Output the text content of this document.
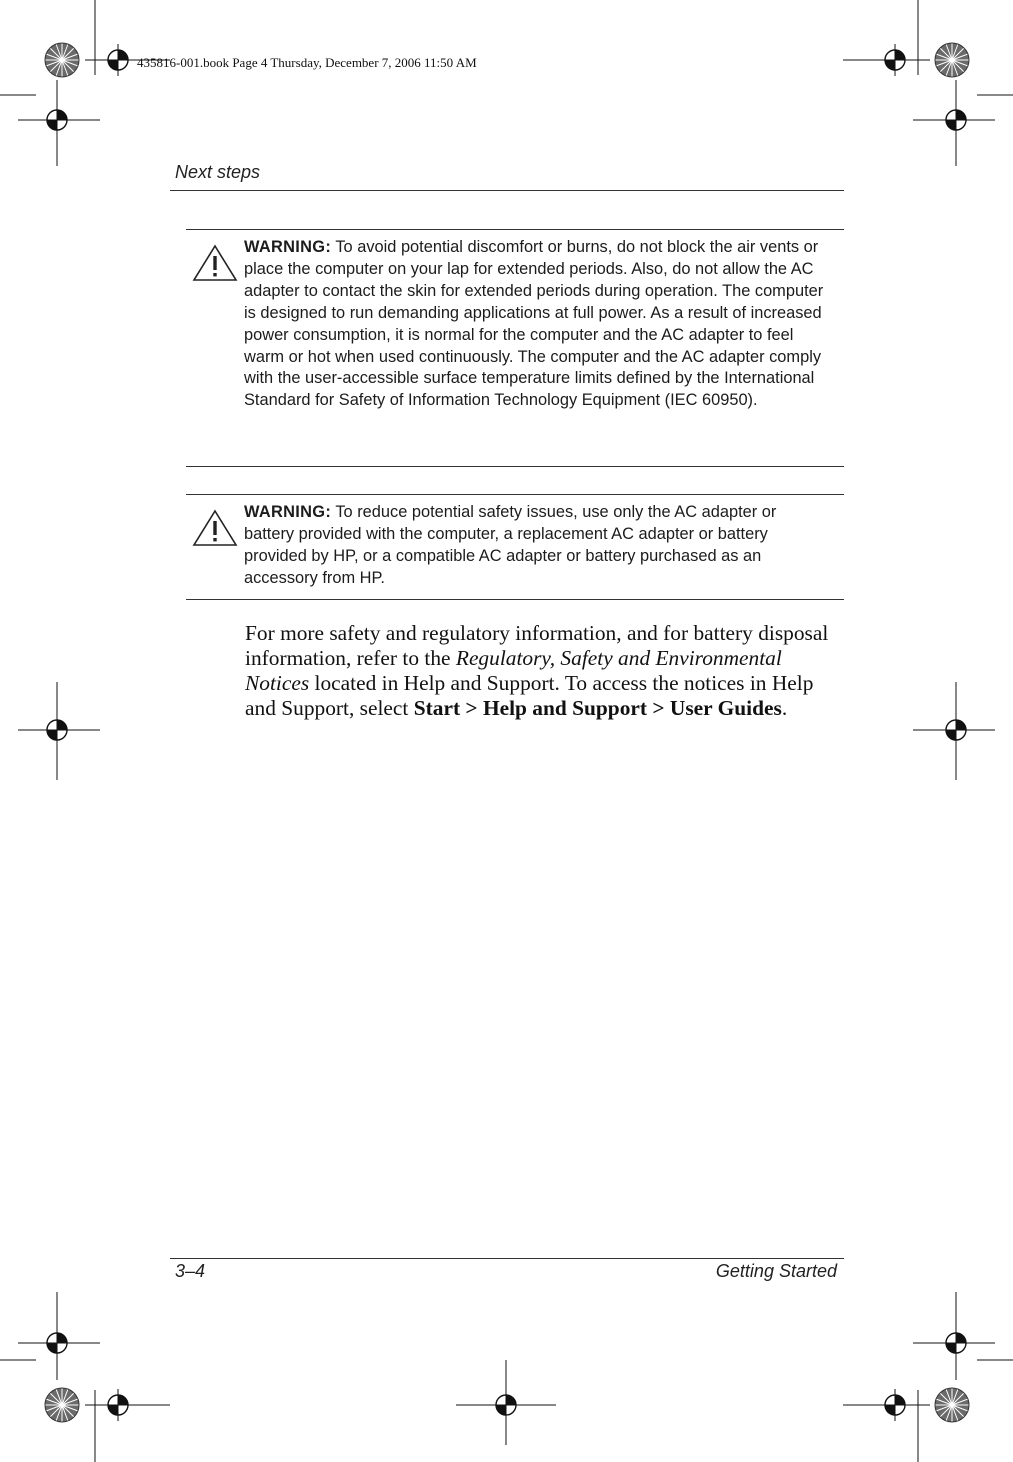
435816-001.book Page 4 Thursday, December 7, 2006 11:50 AM
Next steps
WARNING: To avoid potential discomfort or burns, do not block the air vents or place the computer on your lap for extended periods. Also, do not allow the AC adapter to contact the skin for extended periods during operation. The computer is designed to run demanding applications at full power. As a result of increased power consumption, it is normal for the computer and the AC adapter to feel warm or hot when used continuously. The computer and the AC adapter comply with the user-accessible surface temperature limits defined by the International Standard for Safety of Information Technology Equipment (IEC 60950).
WARNING: To reduce potential safety issues, use only the AC adapter or battery provided with the computer, a replacement AC adapter or battery provided by HP, or a compatible AC adapter or battery purchased as an accessory from HP.

For more safety and regulatory information, and for battery disposal information, refer to the Regulatory, Safety and Environmental Notices located in Help and Support. To access the notices in Help and Support, select Start > Help and Support > User Guides.

3–4	Getting Started
